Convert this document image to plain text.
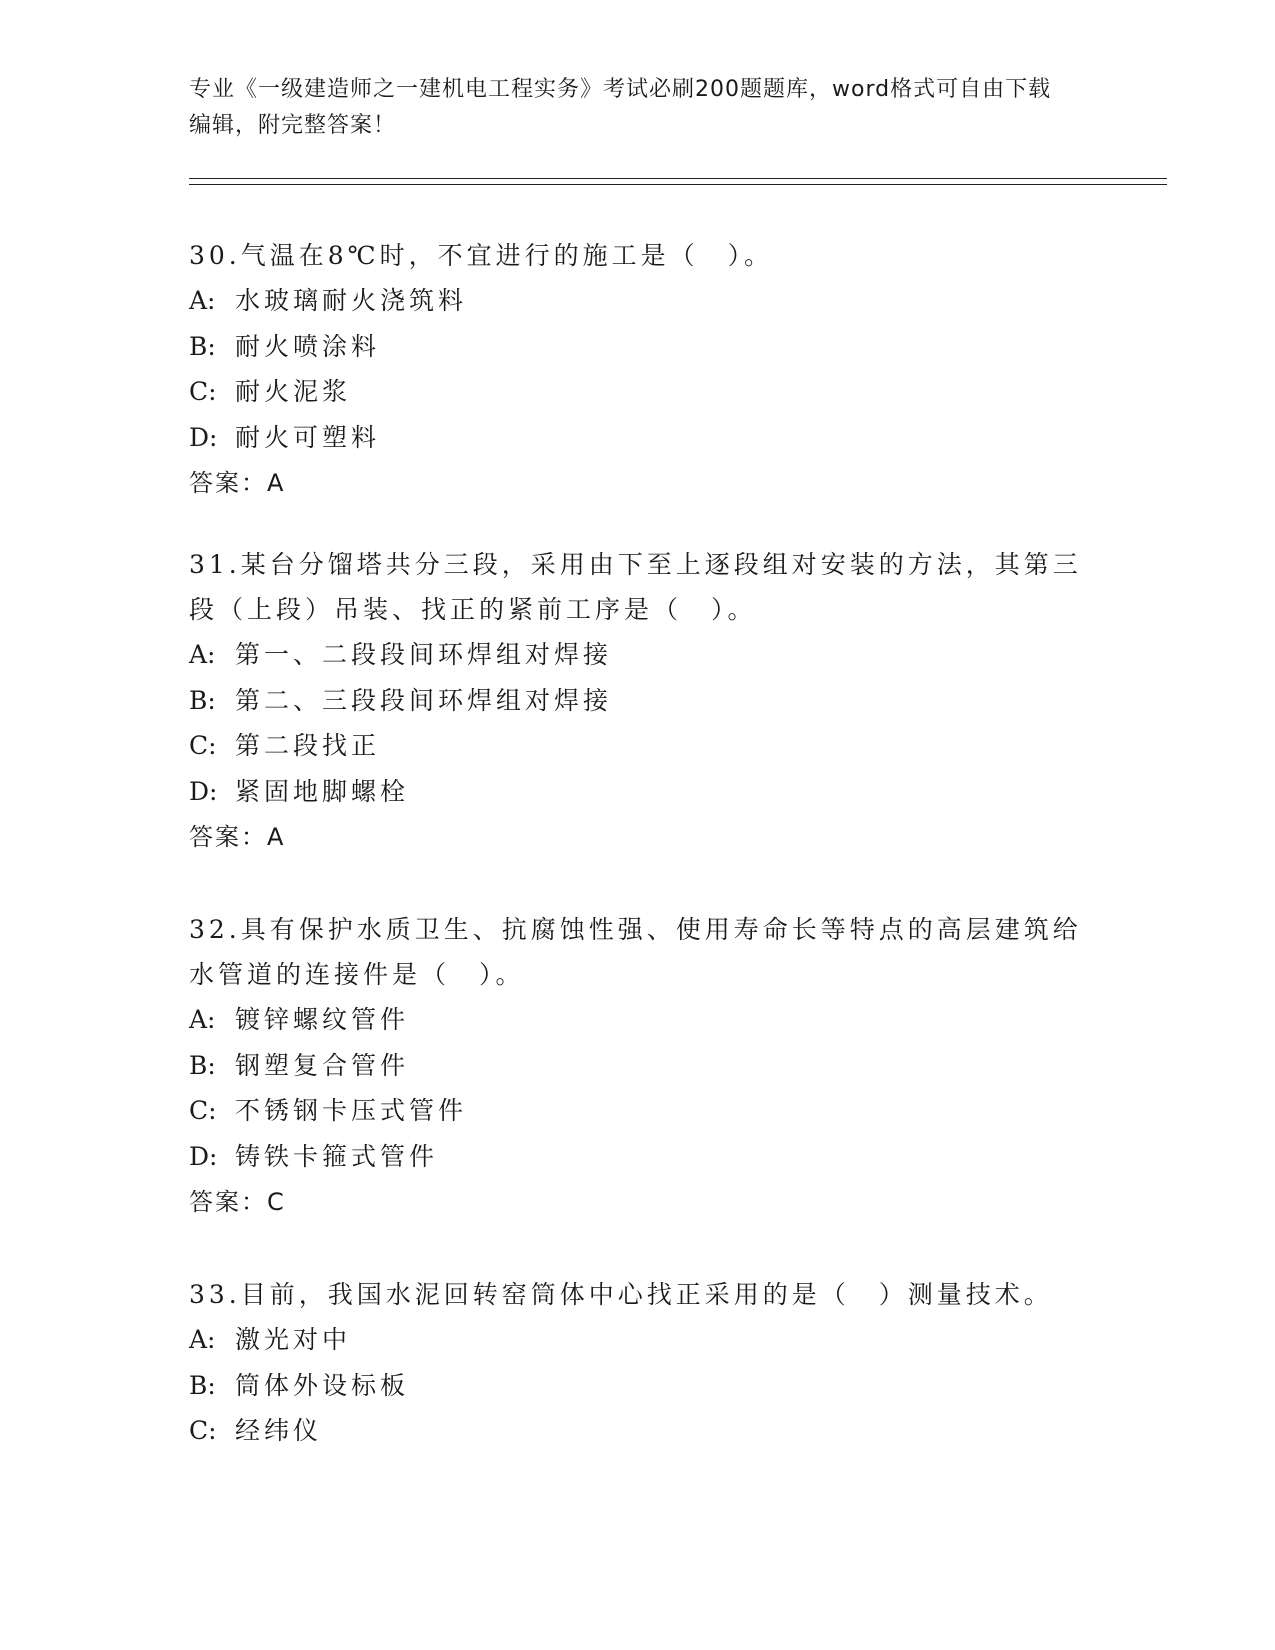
专业《一级建造师之一建机电工程实务》考试必刷200题题库，word格式可自由下载编辑，附完整答案！

30.气温在8℃时，不宜进行的施工是（　）。

A: 水玻璃耐火浇筑料

B: 耐火喷涂料

C: 耐火泥浆

D: 耐火可塑料

答案：A

31.某台分馏塔共分三段，采用由下至上逐段组对安装的方法，其第三段（上段）吊装、找正的紧前工序是（　）。

A: 第一、二段段间环焊组对焊接

B: 第二、三段段间环焊组对焊接

C: 第二段找正

D: 紧固地脚螺栓

答案：A

32.具有保护水质卫生、抗腐蚀性强、使用寿命长等特点的高层建筑给水管道的连接件是（　）。

A: 镀锌螺纹管件

B: 钢塑复合管件

C: 不锈钢卡压式管件

D: 铸铁卡箍式管件

答案：C

33.目前，我国水泥回转窑筒体中心找正采用的是（　）测量技术。

A: 激光对中

B: 筒体外设标板

C: 经纬仪
